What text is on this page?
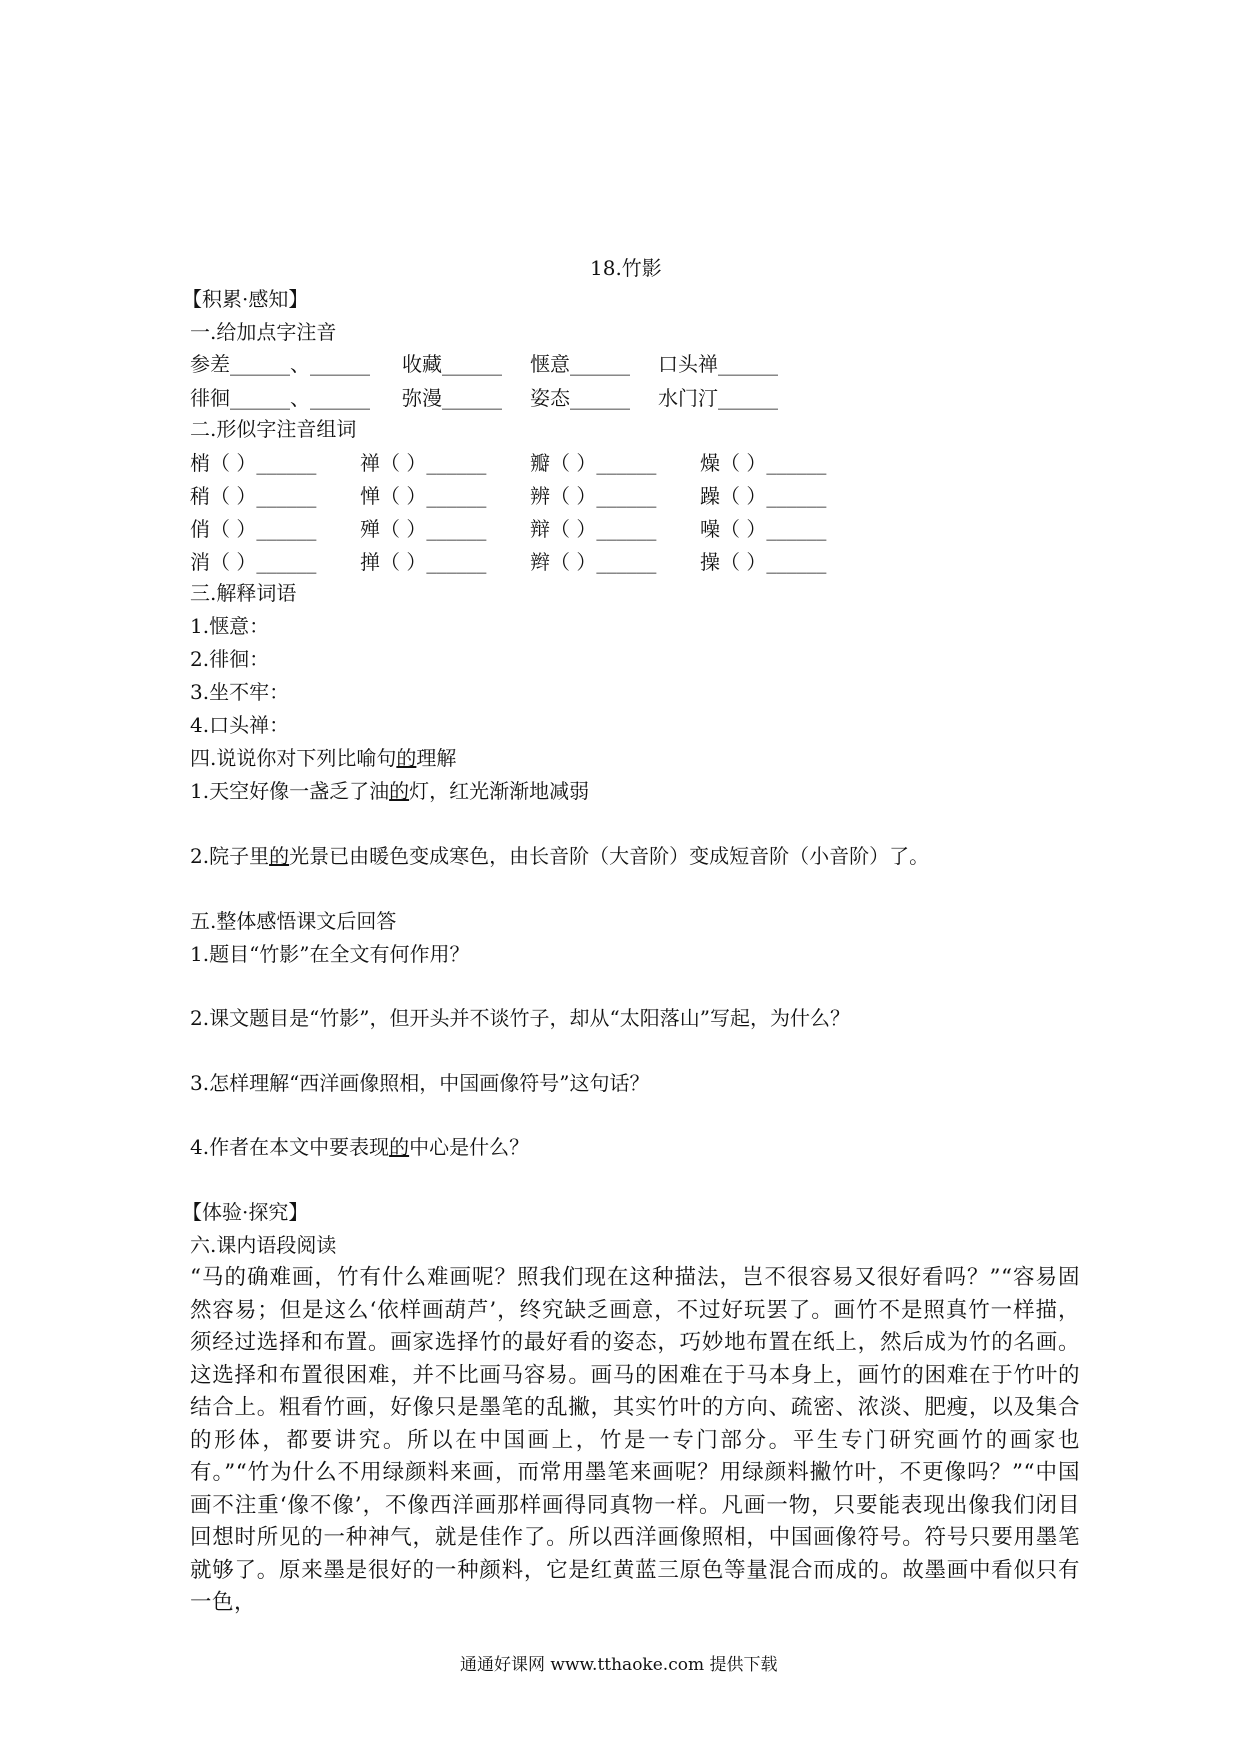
18.竹影
【积累·感知】
一.给加点字注音
参差______、______ 收藏______ 惬意______ 口头禅______
徘徊______、______ 弥漫______ 姿态______ 水门汀______
二.形似字注音组词
梢（ ）______ 禅（ ）______ 瓣（ ）______ 燥（ ）______
稍（ ）______ 惮（ ）______ 辨（ ）______ 躁（ ）______
俏（ ）______ 殚（ ）______ 辩（ ）______ 噪（ ）______
消（ ）______ 掸（ ）______ 辫（ ）______ 操（ ）______
三.解释词语
1.惬意：
2.徘徊：
3.坐不牢：
4.口头禅：
四.说说你对下列比喻句的理解
1.天空好像一盏乏了油的灯，红光渐渐地减弱
2.院子里的光景已由暖色变成寒色，由长音阶（大音阶）变成短音阶（小音阶）了。
五.整体感悟课文后回答
1.题目“竹影”在全文有何作用？
2.课文题目是“竹影”，但开头并不谈竹子，却从“太阳落山”写起，为什么？
3.怎样理解“西洋画像照相，中国画像符号”这句话？
4.作者在本文中要表现的中心是什么？
【体验·探究】
六.课内语段阅读
“马的确难画，竹有什么难画呢？照我们现在这种描法，岂不很容易又很好看吗？”“容易固然容易；但是这么‘依样画葫芦’，终究缺乏画意，不过好玩罢了。画竹不是照真竹一样描，须经过选择和布置。画家选择竹的最好看的姿态，巧妙地布置在纸上，然后成为竹的名画。这选择和布置很困难，并不比画马容易。画马的困难在于马本身上，画竹的困难在于竹叶的结合上。粗看竹画，好像只是墨笔的乱撇，其实竹叶的方向、疏密、浓淡、肥瘦，以及集合的形体，都要讲究。所以在中国画上，竹是一专门部分。平生专门研究画竹的画家也有。”“竹为什么不用绿颜料来画，而常用墨笔来画呢？用绿颜料撇竹叶，不更像吗？”“中国画不注重‘像不像’，不像西洋画那样画得同真物一样。凡画一物，只要能表现出像我们闭目回想时所见的一种神气，就是佳作了。所以西洋画像照相，中国画像符号。符号只要用墨笔就够了。原来墨是很好的一种颜料，它是红黄蓝三原色等量混合而成的。故墨画中看似只有一色，
通通好课网 www.tthaoke.com 提供下载
